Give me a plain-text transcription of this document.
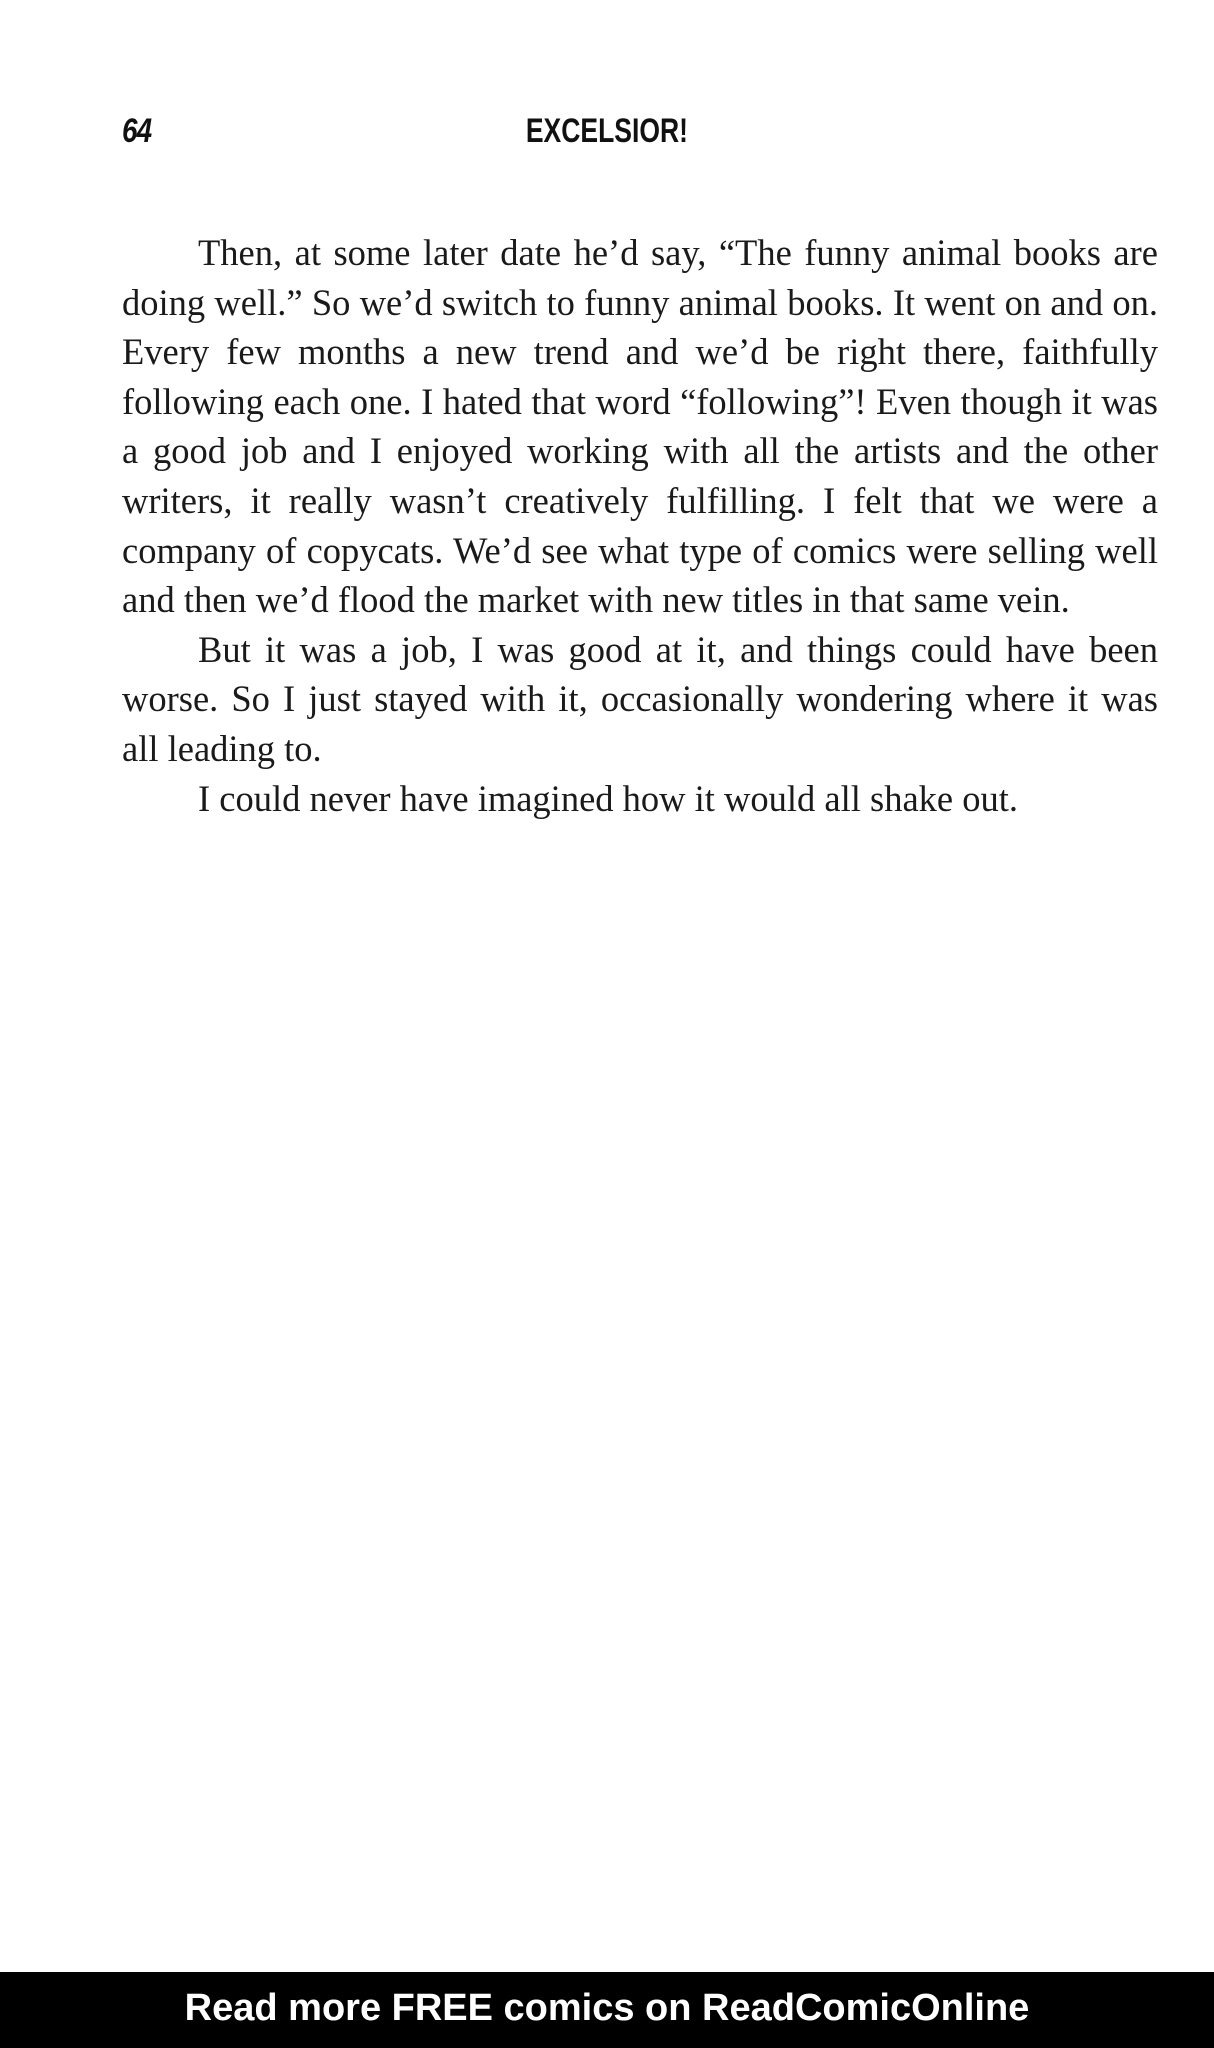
64	EXCELSIOR!

Then, at some later date he’d say, “The funny animal books are doing well.” So we’d switch to funny animal books. It went on and on. Every few months a new trend and we’d be right there, faithfully following each one. I hated that word “following”! Even though it was a good job and I enjoyed working with all the artists and the other writers, it really wasn’t creatively fulfilling. I felt that we were a company of copycats. We’d see what type of comics were selling well and then we’d flood the market with new titles in that same vein.

But it was a job, I was good at it, and things could have been worse. So I just stayed with it, occasionally wondering where it was all leading to.

I could never have imagined how it would all shake out.

Read more FREE comics on ReadComicOnline
